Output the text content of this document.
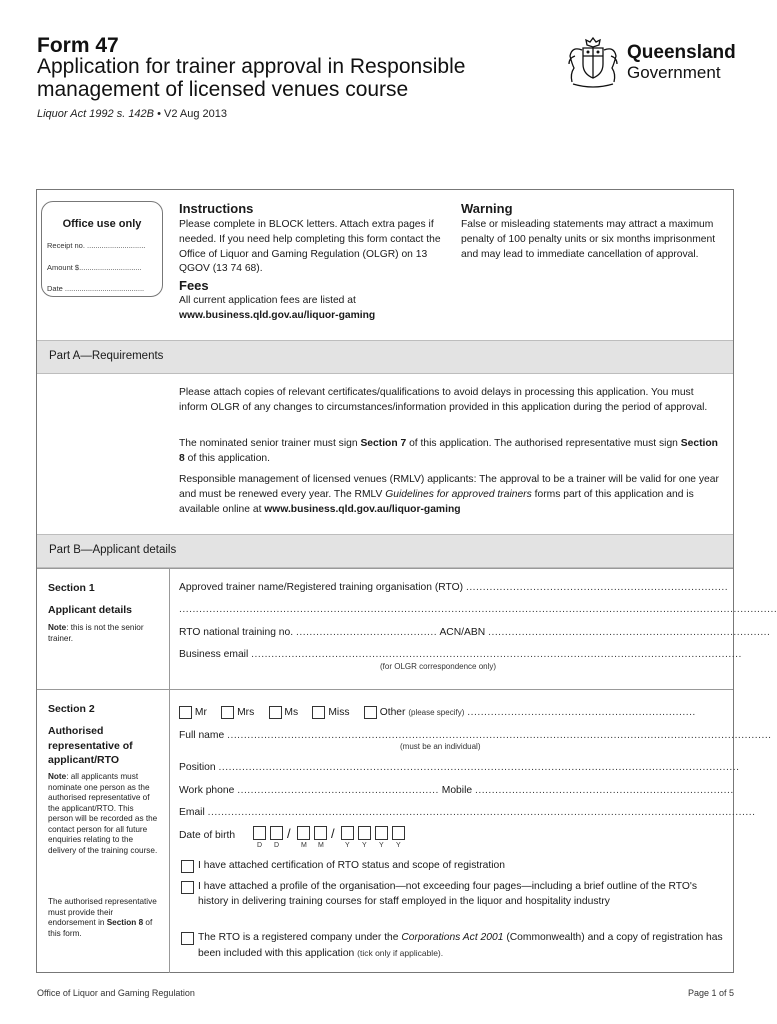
Form 47
Application for trainer approval in Responsible
management of licensed venues course
Liquor Act 1992 s. 142B • V2 Aug 2013
Queensland
Government
Office use only
Receipt no. ............................
Amount $..............................
Date ......................................
Instructions
Please complete in BLOCK letters. Attach extra pages if needed. If you need help completing this form contact the Office of Liquor and Gaming Regulation (OLGR) on 13 QGOV (13 74 68).
Fees
All current application fees are listed at
www.business.qld.gov.au/liquor-gaming
Warning
False or misleading statements may attract a maximum penalty of 100 penalty units or six months imprisonment and may lead to immediate cancellation of approval.
Part A—Requirements
Please attach copies of relevant certificates/qualifications to avoid delays in processing this application. You must inform OLGR of any changes to circumstances/information provided in this application during the period of approval.
The nominated senior trainer must sign Section 7 of this application. The authorised representative must sign Section 8 of this application.
Responsible management of licensed venues (RMLV) applicants: The approval to be a trainer will be valid for one year and must be renewed every year. The RMLV Guidelines for approved trainers forms part of this application and is available online at www.business.qld.gov.au/liquor-gaming
Part B—Applicant details
Section 1
Applicant details
Note: this is not the senior trainer.
Approved trainer name/Registered training organisation (RTO) ..............................................................................
..................................................................................................................................................................................
RTO national training no. .......................................... ACN/ABN ....................................................................................
Business email ..................................................................................................................................................
(for OLGR correspondence only)
Section 2
Authorised representative of applicant/RTO
Note: all applicants must nominate one person as the authorised representative of the applicant/RTO. This person will be recorded as the contact person for all future enquiries relating to the delivery of the training course.
The authorised representative must provide their endorsement in Section 8 of this form.
Mr	Mrs	Ms	Miss	Other (please specify) ....................................................................
Full name ..................................................................................................................................................................
(must be an individual)
Position ...........................................................................................................................................................
Work phone ............................................................ Mobile .............................................................................
Email ...................................................................................................................................................................
Date of birth	/	/
D D	M M	Y Y Y Y
I have attached certification of RTO status and scope of registration
I have attached a profile of the organisation—not exceeding four pages—including a brief outline of the RTO's history in delivering training courses for staff employed in the liquor and hospitality industry
The RTO is a registered company under the Corporations Act 2001 (Commonwealth) and a copy of registration has been included with this application (tick only if applicable).
Office of Liquor and Gaming Regulation	Page 1 of 5
